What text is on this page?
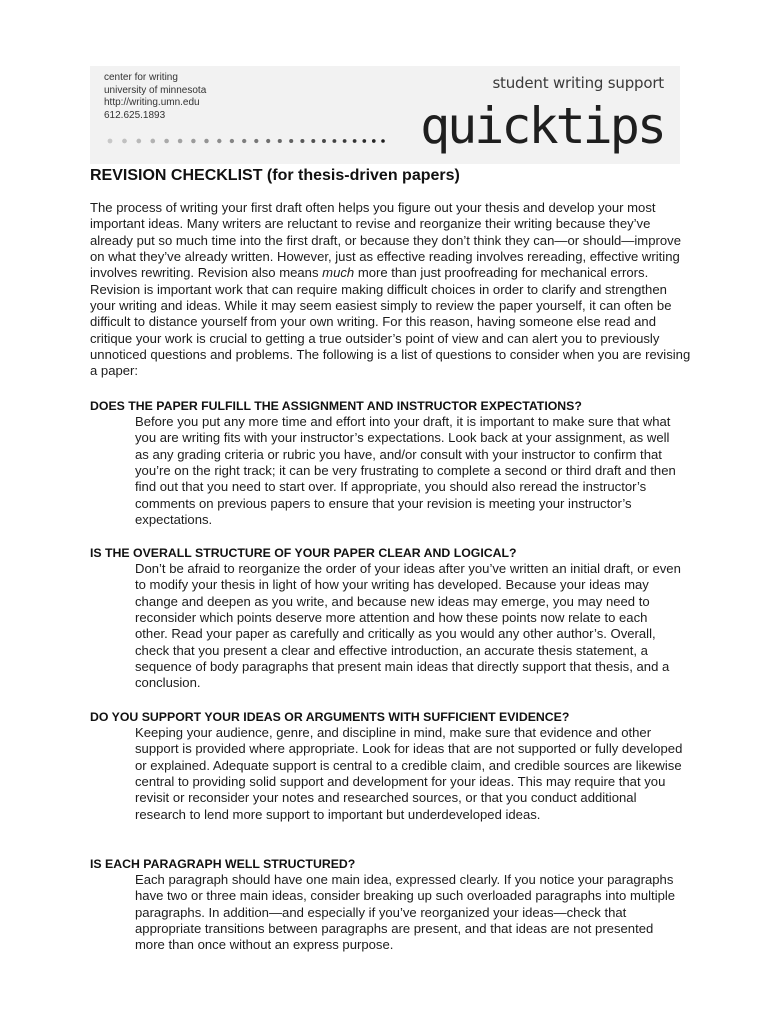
center for writing
university of minnesota
http://writing.umn.edu
612.625.1893
student writing support
quicktips
REVISION CHECKLIST (for thesis-driven papers)
The process of writing your first draft often helps you figure out your thesis and develop your most important ideas. Many writers are reluctant to revise and reorganize their writing because they’ve already put so much time into the first draft, or because they don’t think they can—or should—improve on what they’ve already written. However, just as effective reading involves rereading, effective writing involves rewriting. Revision also means much more than just proofreading for mechanical errors. Revision is important work that can require making difficult choices in order to clarify and strengthen your writing and ideas. While it may seem easiest simply to review the paper yourself, it can often be difficult to distance yourself from your own writing. For this reason, having someone else read and critique your work is crucial to getting a true outsider’s point of view and can alert you to previously unnoticed questions and problems. The following is a list of questions to consider when you are revising a paper:
DOES THE PAPER FULFILL THE ASSIGNMENT AND INSTRUCTOR EXPECTATIONS?

Before you put any more time and effort into your draft, it is important to make sure that what you are writing fits with your instructor’s expectations. Look back at your assignment, as well as any grading criteria or rubric you have, and/or consult with your instructor to confirm that you’re on the right track; it can be very frustrating to complete a second or third draft and then find out that you need to start over. If appropriate, you should also reread the instructor’s comments on previous papers to ensure that your revision is meeting your instructor’s expectations.

IS THE OVERALL STRUCTURE OF YOUR PAPER CLEAR AND LOGICAL?

Don’t be afraid to reorganize the order of your ideas after you’ve written an initial draft, or even to modify your thesis in light of how your writing has developed. Because your ideas may change and deepen as you write, and because new ideas may emerge, you may need to reconsider which points deserve more attention and how these points now relate to each other. Read your paper as carefully and critically as you would any other author’s. Overall, check that you present a clear and effective introduction, an accurate thesis statement, a sequence of body paragraphs that present main ideas that directly support that thesis, and a conclusion.

DO YOU SUPPORT YOUR IDEAS OR ARGUMENTS WITH SUFFICIENT EVIDENCE?

Keeping your audience, genre, and discipline in mind, make sure that evidence and other support is provided where appropriate. Look for ideas that are not supported or fully developed or explained. Adequate support is central to a credible claim, and credible sources are likewise central to providing solid support and development for your ideas. This may require that you revisit or reconsider your notes and researched sources, or that you conduct additional research to lend more support to important but underdeveloped ideas.

IS EACH PARAGRAPH WELL STRUCTURED?

Each paragraph should have one main idea, expressed clearly. If you notice your paragraphs have two or three main ideas, consider breaking up such overloaded paragraphs into multiple paragraphs. In addition—and especially if you’ve reorganized your ideas—check that appropriate transitions between paragraphs are present, and that ideas are not presented more than once without an express purpose.
